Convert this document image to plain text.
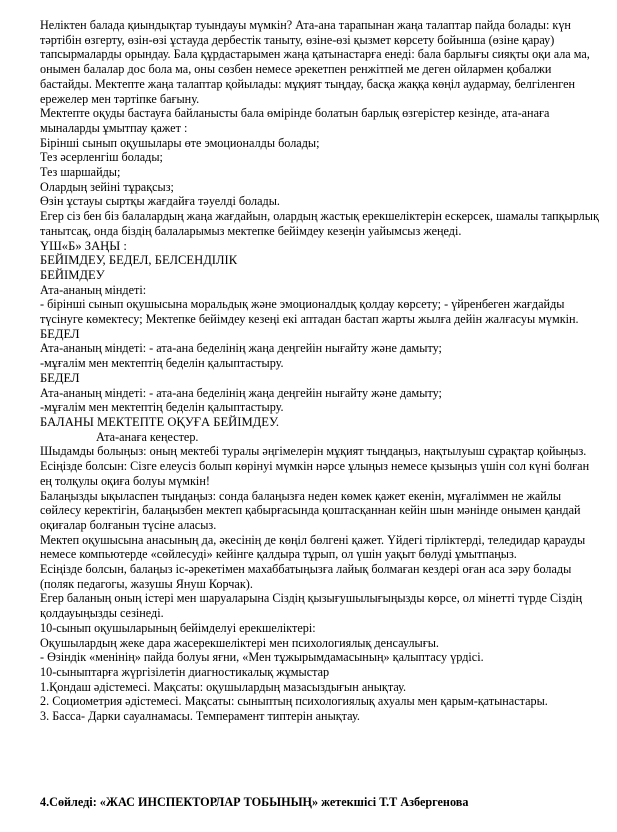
Неліктен балада қиындықтар туындауы мүмкін? Ата-ана тарапынан жаңа талаптар пайда болады: күн тәртібін өзгерту, өзін-өзі ұстауда дербестік таныту, өзіне-өзі қызмет көрсету бойынша (өзіне қарау) тапсырмаларды орындау. Бала құрдастарымен жаңа қатынастарға енеді: бала барлығы сияқты оқи ала ма, онымен балалар дос бола ма, оны сөзбен немесе әрекетпен ренжітпей ме деген ойлармен қобалжи бастайды. Мектепте жаңа талаптар қойылады: мұқият тыңдау, басқа жаққа көңіл аудармау, белгіленген ережелер мен тәртіпке бағыну.

Мектепте оқуды бастауға байланысты бала өмірінде болатын барлық өзгерістер кезінде, ата-анаға мыналарды ұмытпау қажет :

Бірінші сынып оқушылары өте эмоционалды болады;

Тез әсерленгіш болады;

Тез шаршайды;

Олардың зейіні тұрақсыз;

Өзін ұстауы сыртқы жағдайға тәуелді болады.

Егер сіз бен біз балалардың жаңа жағдайын, олардың жастық ерекшеліктерін ескерсек, шамалы тапқырлық танытсақ, онда біздің балаларымыз мектепке бейімдеу кезеңін уайымсыз жеңеді.

ҮШ«Б» ЗАҢЫ :

БЕЙІМДЕУ, БЕДЕЛ, БЕЛСЕНДІЛІК

БЕЙІМДЕУ

Ата-ананың міндеті:

- бірінші сынып оқушысына моральдық және эмоционалдық қолдау көрсету; - үйренбеген жағдайды түсінуге көмектесу; Мектепке бейімдеу кезеңі екі аптадан бастап жарты жылға дейін жалғасуы мүмкін.

БЕДЕЛ

Ата-ананың міндеті: - ата-ана беделінің жаңа деңгейін нығайту және дамыту;

-мұғалім мен мектептің беделін қалыптастыру.

БЕДЕЛ

Ата-ананың міндеті: - ата-ана беделінің жаңа деңгейін нығайту және дамыту;

-мұғалім мен мектептің беделін қалыптастыру.

БАЛАНЫ МЕКТЕПТЕ ОҚУҒА БЕЙІМДЕУ.

Ата-анаға кеңестер.

Шыдамды болыңыз: оның мектебі туралы әңгімелерін мұқият тыңдаңыз, нақтылуыш сұрақтар қойыңыз.

Есіңізде болсын: Сізге елеусіз болып көрінуі мүмкін нәрсе ұлыңыз немесе қызыңыз үшін сол күні болған ең толқулы оқиға болуы мүмкін!

Балаңызды ықыласпен тыңдаңыз: сонда балаңызға неден көмек қажет екенін, мұғаліммен не жайлы сөйлесу керектігін, балаңызбен мектеп қабырғасында қоштасқаннан кейін шын мәнінде онымен қандай оқиғалар болғанын түсіне аласыз.

Мектеп оқушысына анасының да, әкесінің де көңіл бөлгені қажет. Үйдегі тірліктерді, теледидар қарауды немесе компьютерде «сөйлесуді» кейінге қалдыра тұрып, ол үшін уақыт бөлуді ұмытпаңыз.

Есіңізде болсын, балаңыз іс-әрекетімен махаббатыңызға лайық болмаған кездері оған аса зәру болады (поляк педагогы, жазушы Януш Корчак).

Егер баланың оның істері мен шаруаларына Сіздің қызығушылығыңызды көрсе, ол мінетті түрде Сіздің қолдауыңызды сезінеді.

10-сынып оқушыларының бейімделуі ерекшеліктері:

Оқушылардың жеке дара жасерекшеліктері мен психологиялық денсаулығы.

- Өзіндік «менінің» пайда болуы яғни, «Мен тұжырымдамасының» қалыптасу үрдісі.

10-сыныптарға жүргізілетін диагностикалық жұмыстар

1.Қондаш әдістемесі. Мақсаты: оқушылардың мазасыздығын анықтау.

2. Социометрия әдістемесі. Мақсаты: сыныптың психологиялық ахуалы мен қарым-қатынастары.

3. Басса- Дарки сауалнамасы. Темперамент типтерін анықтау.

4.Сөйледі: «ЖАС ИНСПЕКТОРЛАР ТОБЫНЫҢ» жетекшісі Т.Т Азбергенова
